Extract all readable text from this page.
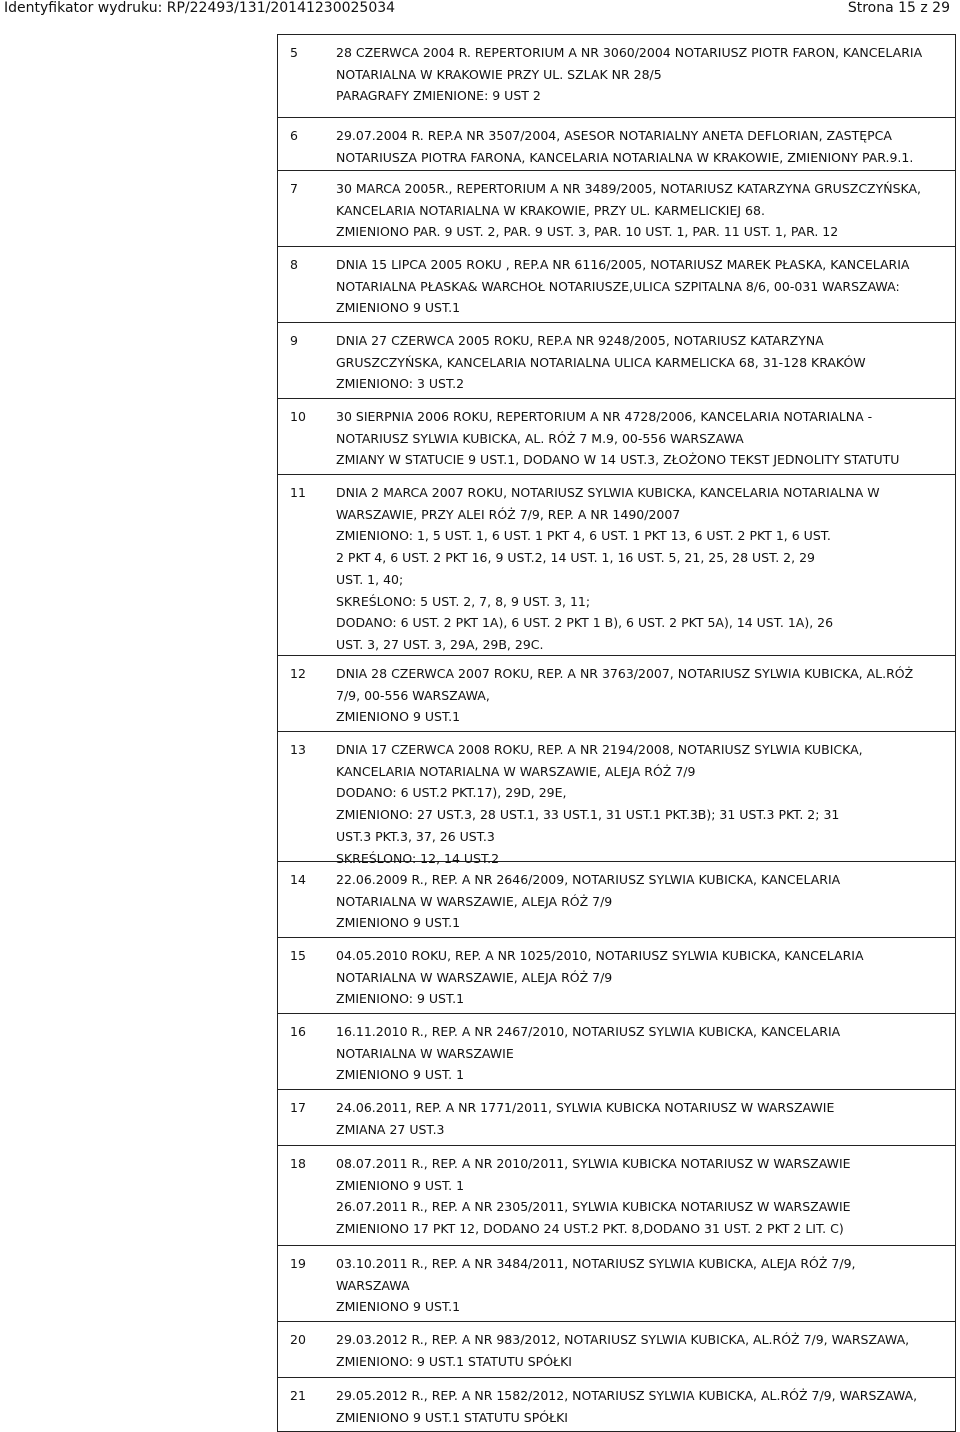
Identyfikator wydruku: RP/22493/131/20141230025034	Strona 15 z 29
5	28 CZERWCA 2004 R. REPERTORIUM A NR 3060/2004 NOTARIUSZ PIOTR FARON, KANCELARIA
NOTARIALNA W KRAKOWIE PRZY UL. SZLAK NR 28/5
PARAGRAFY ZMIENIONE: 9 UST 2
6	29.07.2004 R. REP.A NR 3507/2004, ASESOR NOTARIALNY ANETA DEFLORIAN, ZASTĘPCA
NOTARIUSZA PIOTRA FARONA, KANCELARIA NOTARIALNA W KRAKOWIE, ZMIENIONY PAR.9.1.
7	30 MARCA 2005R., REPERTORIUM A NR 3489/2005, NOTARIUSZ KATARZYNA GRUSZCZYŃSKA,
KANCELARIA NOTARIALNA W KRAKOWIE, PRZY UL. KARMELICKIEJ 68.
ZMIENIONO PAR. 9 UST. 2, PAR. 9 UST. 3, PAR. 10 UST. 1, PAR. 11 UST. 1, PAR. 12
8	DNIA 15 LIPCA 2005 ROKU , REP.A NR 6116/2005, NOTARIUSZ MAREK PŁASKA, KANCELARIA
NOTARIALNA PŁASKA& WARCHOŁ NOTARIUSZE,ULICA SZPITALNA 8/6, 00-031 WARSZAWA:
ZMIENIONO 9 UST.1
9	DNIA 27 CZERWCA 2005 ROKU, REP.A NR 9248/2005, NOTARIUSZ KATARZYNA
GRUSZCZYŃSKA, KANCELARIA NOTARIALNA ULICA KARMELICKA 68, 31-128 KRAKÓW
ZMIENIONO: 3 UST.2
10 30 SIERPNIA 2006 ROKU, REPERTORIUM A NR 4728/2006, KANCELARIA NOTARIALNA -
NOTARIUSZ SYLWIA KUBICKA, AL. RÓŻ 7 M.9, 00-556 WARSZAWA
ZMIANY W STATUCIE 9 UST.1, DODANO W 14 UST.3, ZŁOŻONO TEKST JEDNOLITY STATUTU
11 DNIA 2 MARCA 2007 ROKU, NOTARIUSZ SYLWIA KUBICKA, KANCELARIA NOTARIALNA W
WARSZAWIE, PRZY ALEI RÓŻ 7/9, REP. A NR 1490/2007
ZMIENIONO: 1, 5 UST. 1, 6 UST. 1 PKT 4, 6 UST. 1 PKT 13, 6 UST. 2 PKT 1, 6 UST.
2 PKT 4, 6 UST. 2 PKT 16, 9 UST.2, 14 UST. 1, 16 UST. 5, 21, 25, 28 UST. 2, 29
UST. 1, 40;
SKREŚLONO: 5 UST. 2, 7, 8, 9 UST. 3, 11;
DODANO: 6 UST. 2 PKT 1A), 6 UST. 2 PKT 1 B), 6 UST. 2 PKT 5A), 14 UST. 1A), 26
UST. 3, 27 UST. 3, 29A, 29B, 29C.
12 DNIA 28 CZERWCA 2007 ROKU, REP. A NR 3763/2007, NOTARIUSZ SYLWIA KUBICKA, AL.RÓŻ
7/9, 00-556 WARSZAWA,
ZMIENIONO 9 UST.1
13 DNIA 17 CZERWCA 2008 ROKU, REP. A NR 2194/2008, NOTARIUSZ SYLWIA KUBICKA,
KANCELARIA NOTARIALNA W WARSZAWIE, ALEJA RÓŻ 7/9
DODANO: 6 UST.2 PKT.17), 29D, 29E,
ZMIENIONO: 27 UST.3, 28 UST.1, 33 UST.1, 31 UST.1 PKT.3B); 31 UST.3 PKT. 2; 31
UST.3 PKT.3, 37, 26 UST.3
SKREŚLONO: 12, 14 UST.2
14 22.06.2009 R., REP. A NR 2646/2009, NOTARIUSZ SYLWIA KUBICKA, KANCELARIA
NOTARIALNA W WARSZAWIE, ALEJA RÓŻ 7/9
ZMIENIONO 9 UST.1
15 04.05.2010 ROKU, REP. A NR 1025/2010, NOTARIUSZ SYLWIA KUBICKA, KANCELARIA
NOTARIALNA W WARSZAWIE, ALEJA RÓŻ 7/9
ZMIENIONO: 9 UST.1
16 16.11.2010 R., REP. A NR 2467/2010, NOTARIUSZ SYLWIA KUBICKA, KANCELARIA
NOTARIALNA W WARSZAWIE
ZMIENIONO 9 UST. 1
17 24.06.2011, REP. A NR 1771/2011, SYLWIA KUBICKA NOTARIUSZ W WARSZAWIE
ZMIANA 27 UST.3
18 08.07.2011 R., REP. A NR 2010/2011, SYLWIA KUBICKA NOTARIUSZ W WARSZAWIE
ZMIENIONO 9 UST. 1
26.07.2011 R., REP. A NR 2305/2011, SYLWIA KUBICKA NOTARIUSZ W WARSZAWIE
ZMIENIONO 17 PKT 12, DODANO 24 UST.2 PKT. 8,DODANO 31 UST. 2 PKT 2 LIT. C)
19 03.10.2011 R., REP. A NR 3484/2011, NOTARIUSZ SYLWIA KUBICKA, ALEJA RÓŻ 7/9,
WARSZAWA
ZMIENIONO 9 UST.1
20 29.03.2012 R., REP. A NR 983/2012, NOTARIUSZ SYLWIA KUBICKA, AL.RÓŻ 7/9, WARSZAWA,
ZMIENIONO: 9 UST.1 STATUTU SPÓŁKI
21 29.05.2012 R., REP. A NR 1582/2012, NOTARIUSZ SYLWIA KUBICKA, AL.RÓŻ 7/9, WARSZAWA,
ZMIENIONO 9 UST.1 STATUTU SPÓŁKI
